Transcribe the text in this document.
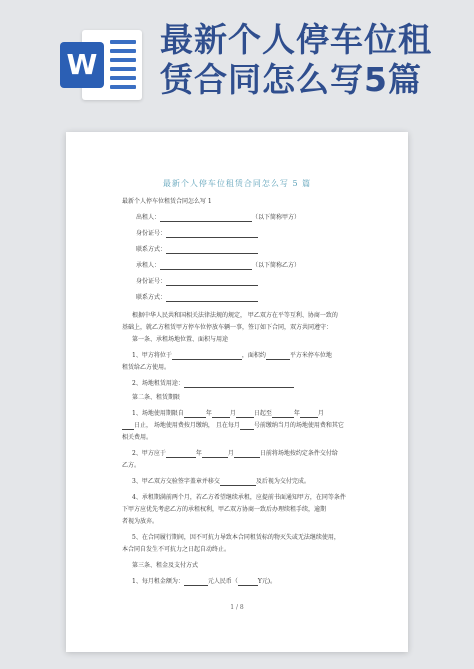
W
最新个人停车位租
赁合同怎么写5篇
最新个人停车位租赁合同怎么写 5 篇
最新个人停车位租赁合同怎么写 1
出租人：	（以下简称甲方）
身份证号：
联系方式：
承租人：	（以下简称乙方）
身份证号：
联系方式：
根据中华人民共和国相关法律法规的规定， 甲乙双方在平等互利、协商一致的
基础上，就乙方租赁甲方停车位停放车辆一事，签订如下合同，双方共同遵守：
第一条、承租场地位置、面积与用途
1、甲方将位于	，面积约	平方米停车位地
租赁给乙方使用。
2、场地租赁用途：
第二条、租赁期限
1、场地使用期限自	年	月	日起至	年	月
日止， 场地使用费按月缴纳， 且在每月 号前缴纳当月的场地使用费和其它
相关费用。
2、甲方应于	年	月	日前将场地按约定条件交付给
乙方。
3、甲乙双方交验签字盖章并移交	及后视为交付完成。
4、承租期满前两个月，若乙方希望继续承租，应提前书面通知甲方，在同等条件
下甲方应优先考虑乙方的承租权利，甲乙双方协商一致后办理续租手续，逾期
者视为放弃。
5、在合同履行期间，因不可抗力导致本合同租赁标的物灭失或无法继续使用，
本合同自发生不可抗力之日起自动终止。
第三条、租金及支付方式
1、每月租金额为：	元人民币（	Y元)。
1 / 8
